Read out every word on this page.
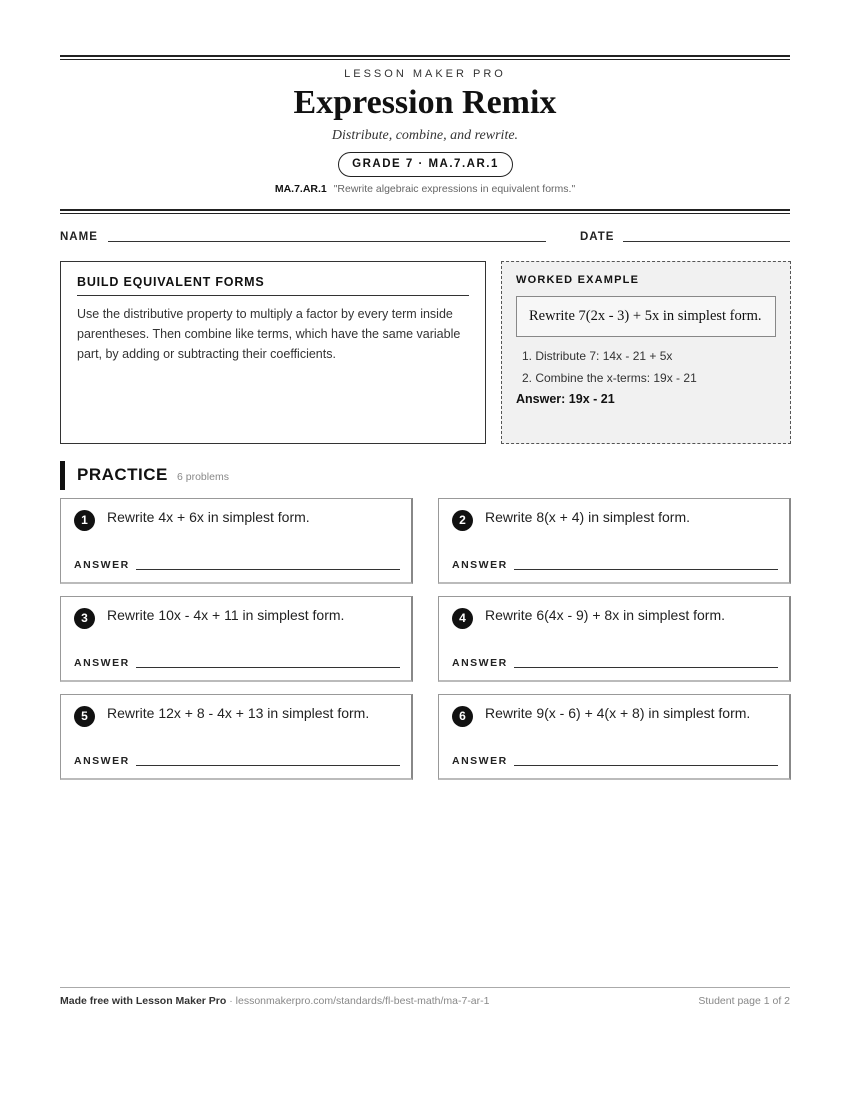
LESSON MAKER PRO
Expression Remix
Distribute, combine, and rewrite.
GRADE 7 · MA.7.AR.1
MA.7.AR.1 "Rewrite algebraic expressions in equivalent forms."
NAME	DATE
BUILD EQUIVALENT FORMS
Use the distributive property to multiply a factor by every term inside parentheses. Then combine like terms, which have the same variable part, by adding or subtracting their coefficients.
WORKED EXAMPLE
Rewrite 7(2x - 3) + 5x in simplest form.
1. Distribute 7: 14x - 21 + 5x
2. Combine the x-terms: 19x - 21
Answer: 19x - 21
PRACTICE 6 problems
1	Rewrite 4x + 6x in simplest form.
ANSWER
2	Rewrite 8(x + 4) in simplest form.
ANSWER
3	Rewrite 10x - 4x + 11 in simplest form.
ANSWER
4	Rewrite 6(4x - 9) + 8x in simplest form.
ANSWER
5	Rewrite 12x + 8 - 4x + 13 in simplest form.
ANSWER
6	Rewrite 9(x - 6) + 4(x + 8) in simplest form.
ANSWER
Made free with Lesson Maker Pro · lessonmakerpro.com/standards/fl-best-math/ma-7-ar-1	Student page 1 of 2
